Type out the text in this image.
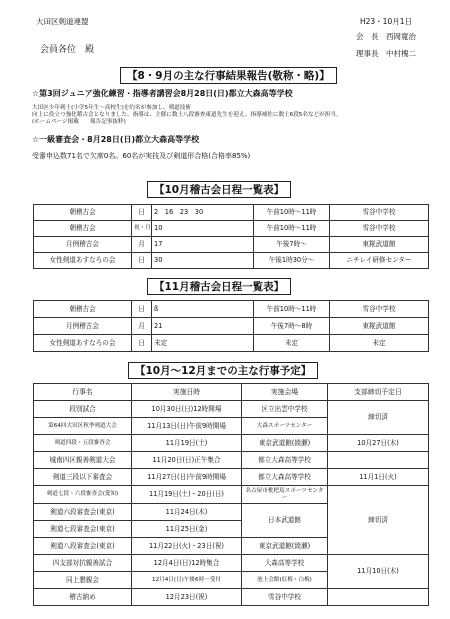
大田区剣道連盟	H23・10月1日
会員各位　殿
会　長　西岡寛治
理事長　中村槐二
【8・9月の主な行事結果報告(敬称・略)】
☆第3回ジュニア強化練習・指導者講習会8月28日(日)都立大森高等学校
大田区少年剣士(小学5年生～高校生)を約名が参加し、剣道技術
向上に役立つ強化稽古会となりました。指導は、主催に数士八段審查東道先生を迎え、指導補佐に数士6段5名などが担当。
(ホームページ掲載　　報告記事抜粋)
☆一級審査会・8月28日(日)都立大森高等学校
受審申込数71名で欠席0名。60名が実技及び剣道形合格(合格率85%)
【10月稽古会日程一覧表】
朝稽古会	日	2　16　23　30	午前10時～11時	雪谷中学校
朝稽古会	祝・月	10	午前10時～11時	雪谷中学校
月例稽古会	月	17	午後7時～	東糀武道館
女性剣道あすなろの会	日	30	午後1時30分～	ニチレイ研修センター
【11月稽古会日程一覧表】
朝稽古会	日	ß	午前10時～11時	雪谷中学校
月例稽古会	月	21	午後7時～8時	東糀武道館
女性剣道あすなろの会	日	未定	未定	未定
【10月～12月までの主な行事予定】
行事名	実施日時	実施会場	支部締切予定日
段別試合	10月30日(日)12時開場	区立出雲中学校	締切済
第64回大田区秋季剣道大会	11月13日(日)午前9時開場	大森スポーツセンター	
剣道四段・五段審査会	11月19日(土)	東京武道館(綾瀬)	10月27日(木)
城南四区親善剣道大会	11月20日(日)正午集合	都立大森高等学校	
剣道三段以下審査会	11月27日(日)午前9時開場	都立大森高等学校	11月1日(火)
剣道七段・六段審査会(愛知)	11月19日(土)・20日(日)	名古屋市枇杷島スポーツセンター	締切済
剣道六段審査会(東京)	11月24日(木)	日本武道館	
剣道七段審査会(東京)	11月25日(金)		
剣道八段審査会(東京)	11月22日(火)・23日(祝)	東京武道館(綾瀬)	
四支部対抗親善試合	12月4日(日)12時集合	大森高等学校	11月10日(木)
同上懇親会	12月4日(日)午後6時～受付	池上会館(紅梅・白梅)	
稽古納め	12月23日(祝)	雪谷中学校	
